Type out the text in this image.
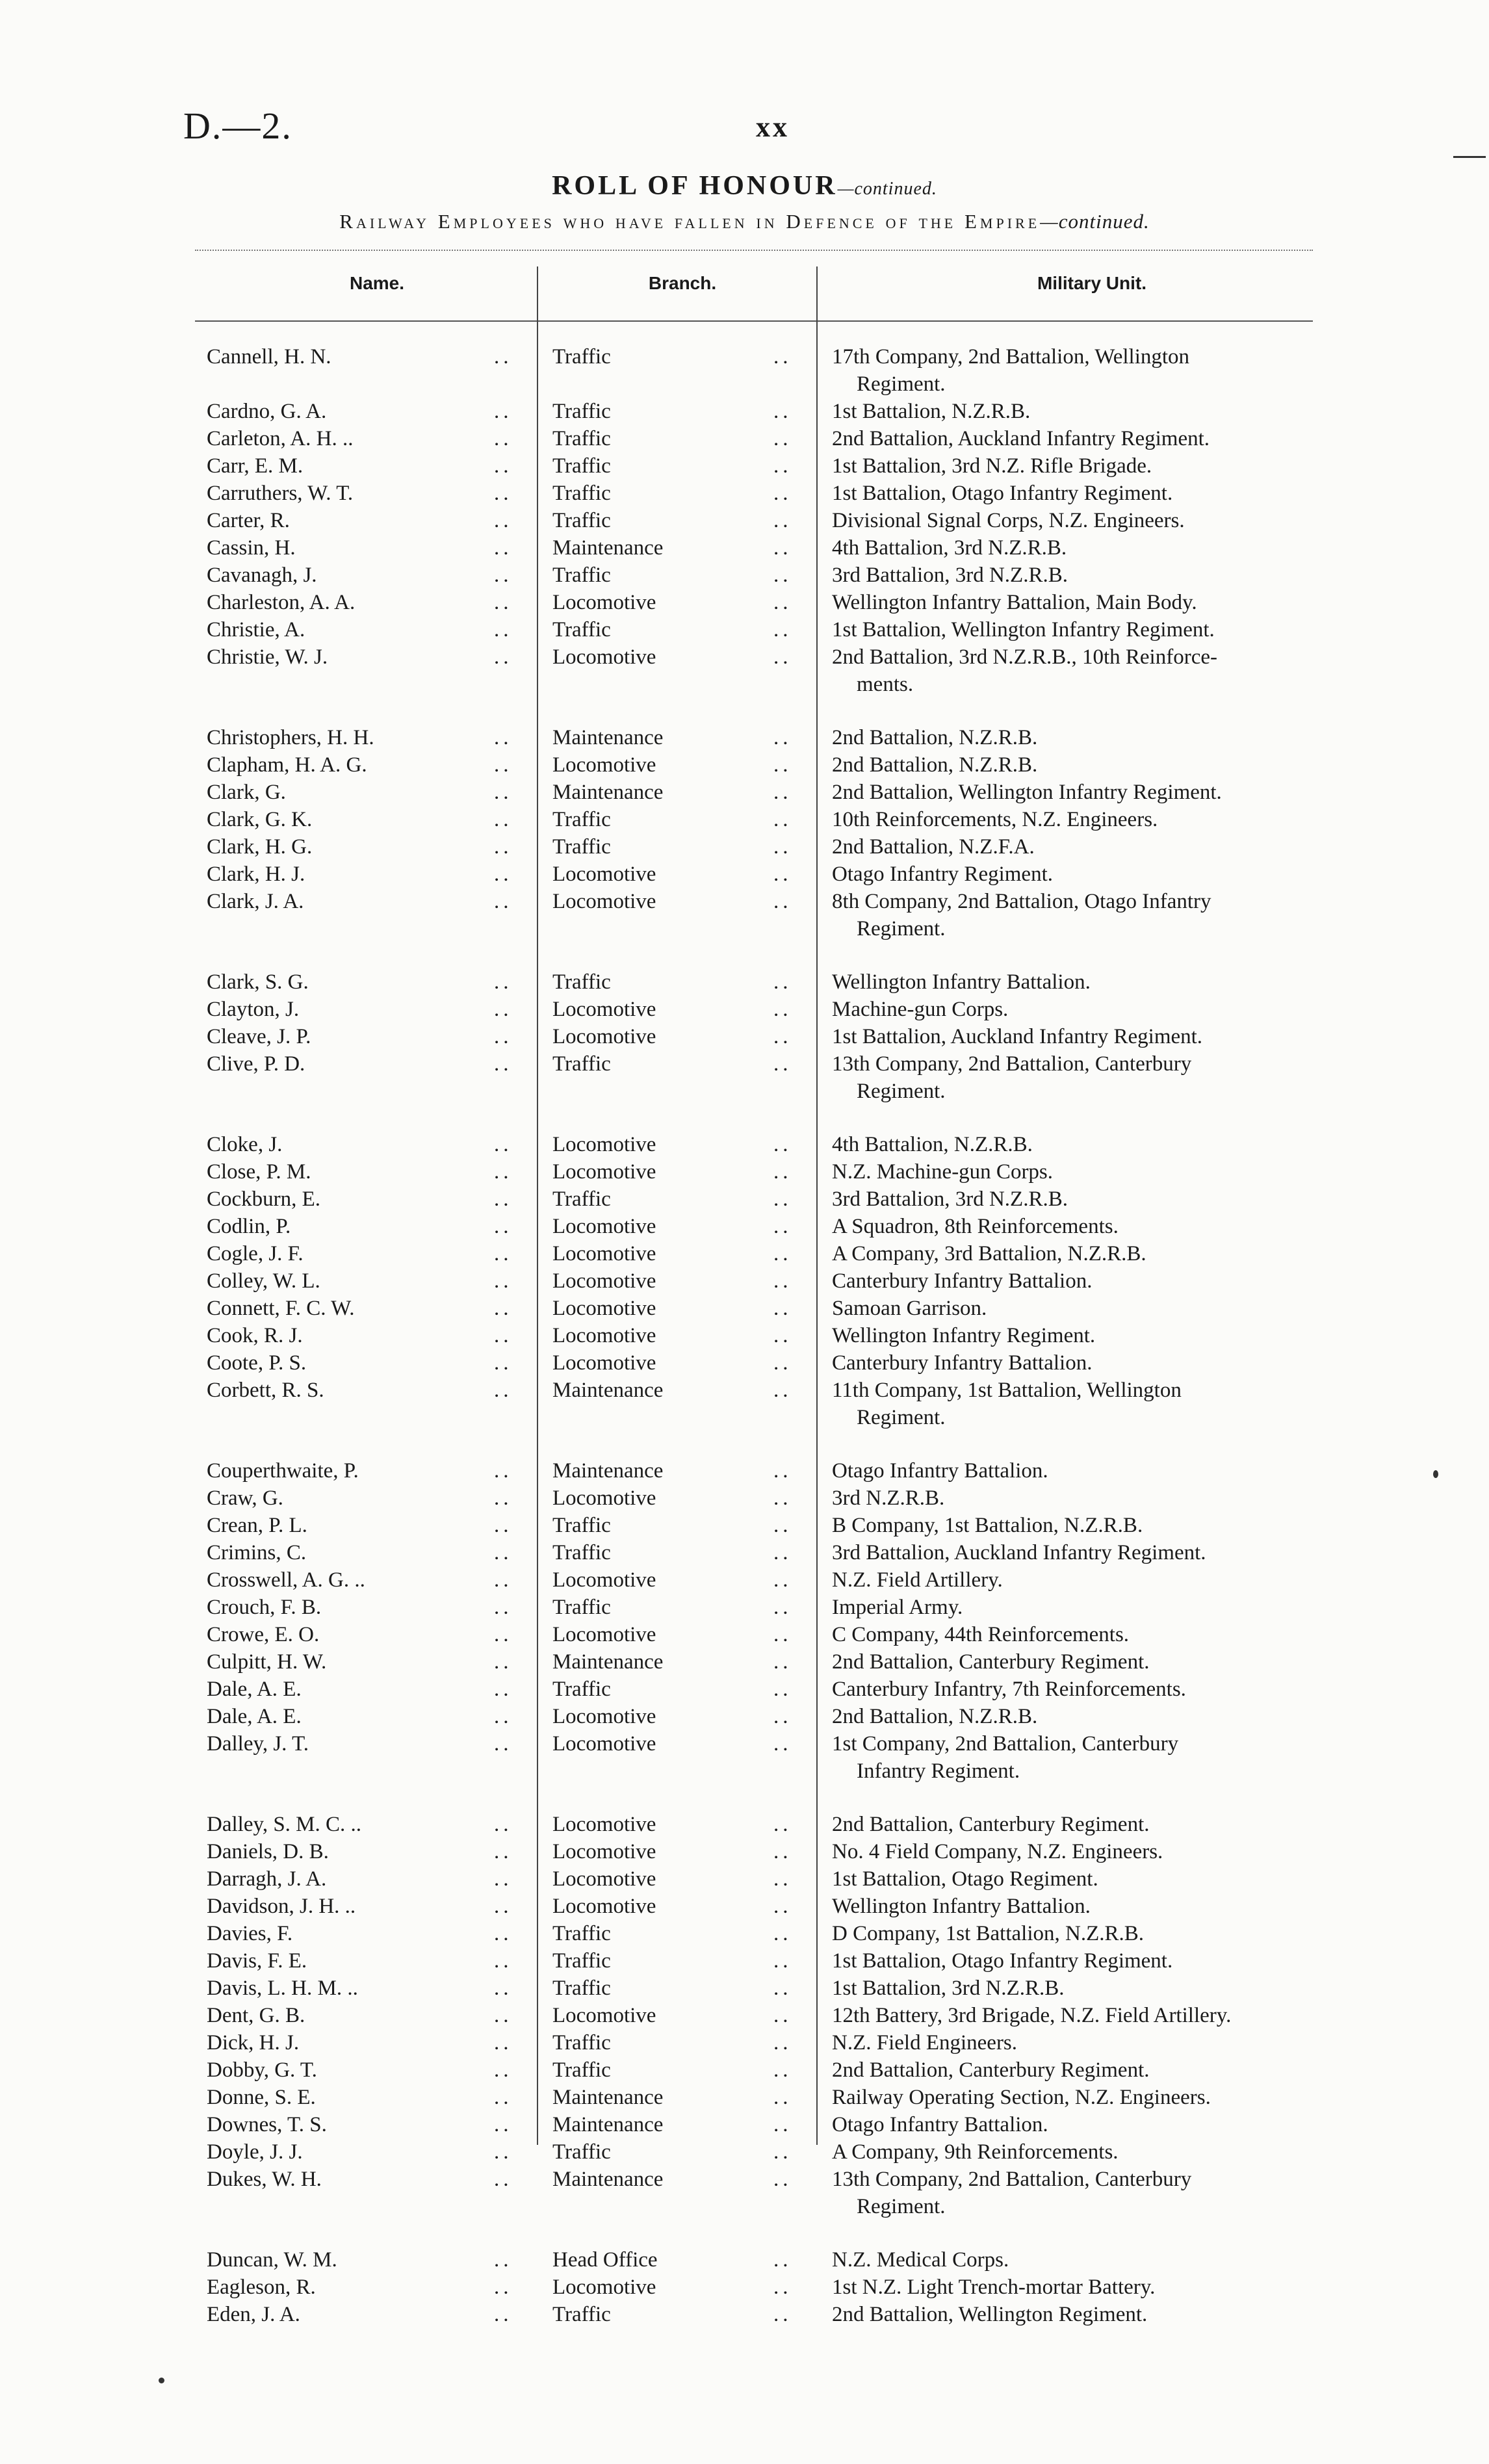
D.—2.	xx
ROLL OF HONOUR—continued.
Railway Employees who have fallen in Defence of the Empire—continued.
Name.	Branch.	Military Unit.
Cannell, H. N.	.. Traffic	.. 17th Company, 2nd Battalion, Wellington
Regiment.
Cardno, G. A.	.. Traffic	.. 1st Battalion, N.Z.R.B.
Carleton, A. H. ..	.. Traffic	.. 2nd Battalion, Auckland Infantry Regiment.
Carr, E. M.	.. Traffic	.. 1st Battalion, 3rd N.Z. Rifle Brigade.
Carruthers, W. T.	.. Traffic	.. 1st Battalion, Otago Infantry Regiment.
Carter, R.	.. Traffic	.. Divisional Signal Corps, N.Z. Engineers.
Cassin, H.	.. Maintenance	.. 4th Battalion, 3rd N.Z.R.B.
Cavanagh, J.	.. Traffic	.. 3rd Battalion, 3rd N.Z.R.B.
Charleston, A. A.	.. Locomotive	.. Wellington Infantry Battalion, Main Body.
Christie, A.	.. Traffic	.. 1st Battalion, Wellington Infantry Regiment.
Christie, W. J.	.. Locomotive	.. 2nd Battalion, 3rd N.Z.R.B., 10th Reinforce-
ments.
Christophers, H. H.	.. Maintenance	.. 2nd Battalion, N.Z.R.B.
Clapham, H. A. G.	.. Locomotive	.. 2nd Battalion, N.Z.R.B.
Clark, G.	.. Maintenance	.. 2nd Battalion, Wellington Infantry Regiment.
Clark, G. K.	.. Traffic	.. 10th Reinforcements, N.Z. Engineers.
Clark, H. G.	.. Traffic	.. 2nd Battalion, N.Z.F.A.
Clark, H. J.	.. Locomotive	.. Otago Infantry Regiment.
Clark, J. A.	.. Locomotive	.. 8th Company, 2nd Battalion, Otago Infantry
Regiment.
Clark, S. G.	.. Traffic	.. Wellington Infantry Battalion.
Clayton, J.	.. Locomotive	.. Machine-gun Corps.
Cleave, J. P.	.. Locomotive	.. 1st Battalion, Auckland Infantry Regiment.
Clive, P. D.	.. Traffic	.. 13th Company, 2nd Battalion, Canterbury
Regiment.
Cloke, J.	.. Locomotive	.. 4th Battalion, N.Z.R.B.
Close, P. M.	.. Locomotive	.. N.Z. Machine-gun Corps.
Cockburn, E.	.. Traffic	.. 3rd Battalion, 3rd N.Z.R.B.
Codlin, P.	.. Locomotive	.. A Squadron, 8th Reinforcements.
Cogle, J. F.	.. Locomotive	.. A Company, 3rd Battalion, N.Z.R.B.
Colley, W. L.	.. Locomotive	.. Canterbury Infantry Battalion.
Connett, F. C. W.	.. Locomotive	.. Samoan Garrison.
Cook, R. J.	.. Locomotive	.. Wellington Infantry Regiment.
Coote, P. S.	.. Locomotive	.. Canterbury Infantry Battalion.
Corbett, R. S.	.. Maintenance	.. 11th Company, 1st Battalion, Wellington
Regiment.
Couperthwaite, P.	.. Maintenance	.. Otago Infantry Battalion.
Craw, G.	.. Locomotive	.. 3rd N.Z.R.B.
Crean, P. L.	.. Traffic	.. B Company, 1st Battalion, N.Z.R.B.
Crimins, C.	.. Traffic	.. 3rd Battalion, Auckland Infantry Regiment.
Crosswell, A. G. ..	.. Locomotive	.. N.Z. Field Artillery.
Crouch, F. B.	.. Traffic	.. Imperial Army.
Crowe, E. O.	.. Locomotive	.. C Company, 44th Reinforcements.
Culpitt, H. W.	.. Maintenance	.. 2nd Battalion, Canterbury Regiment.
Dale, A. E.	.. Traffic	.. Canterbury Infantry, 7th Reinforcements.
Dale, A. E.	.. Locomotive	.. 2nd Battalion, N.Z.R.B.
Dalley, J. T.	.. Locomotive	.. 1st Company, 2nd Battalion, Canterbury
Infantry Regiment.
Dalley, S. M. C. ..	.. Locomotive	.. 2nd Battalion, Canterbury Regiment.
Daniels, D. B.	.. Locomotive	.. No. 4 Field Company, N.Z. Engineers.
Darragh, J. A.	.. Locomotive	.. 1st Battalion, Otago Regiment.
Davidson, J. H. ..	.. Locomotive	.. Wellington Infantry Battalion.
Davies, F.	.. Traffic	.. D Company, 1st Battalion, N.Z.R.B.
Davis, F. E.	.. Traffic	.. 1st Battalion, Otago Infantry Regiment.
Davis, L. H. M. ..	.. Traffic	.. 1st Battalion, 3rd N.Z.R.B.
Dent, G. B.	.. Locomotive	.. 12th Battery, 3rd Brigade, N.Z. Field Artillery.
Dick, H. J.	.. Traffic	.. N.Z. Field Engineers.
Dobby, G. T.	.. Traffic	.. 2nd Battalion, Canterbury Regiment.
Donne, S. E.	.. Maintenance	.. Railway Operating Section, N.Z. Engineers.
Downes, T. S.	.. Maintenance	.. Otago Infantry Battalion.
Doyle, J. J.	.. Traffic	.. A Company, 9th Reinforcements.
Dukes, W. H.	.. Maintenance	.. 13th Company, 2nd Battalion, Canterbury
Regiment.
Duncan, W. M.	.. Head Office	.. N.Z. Medical Corps.
Eagleson, R.	.. Locomotive	.. 1st N.Z. Light Trench-mortar Battery.
Eden, J. A.	.. Traffic	.. 2nd Battalion, Wellington Regiment.
